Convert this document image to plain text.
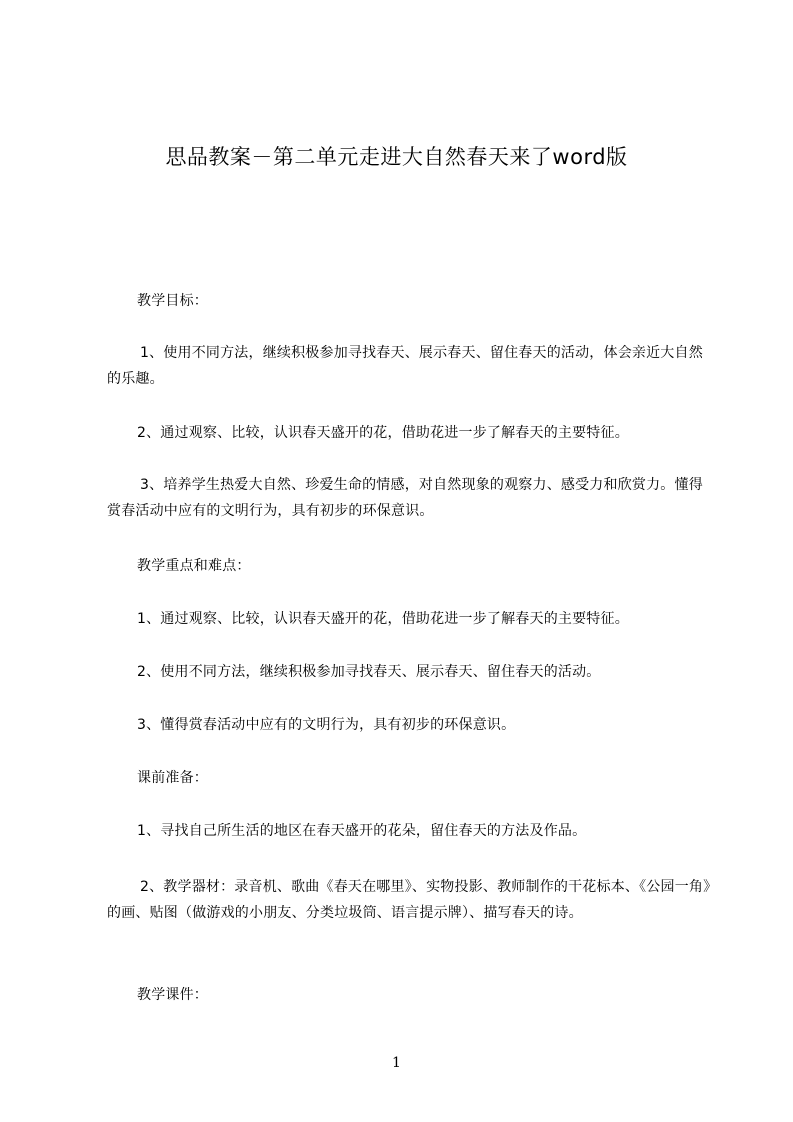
思品教案－第二单元走进大自然春天来了word版
教学目标：
1、使用不同方法，继续积极参加寻找春天、展示春天、留住春天的活动，体会亲近大自然的乐趣。
2、通过观察、比较，认识春天盛开的花，借助花进一步了解春天的主要特征。
3、培养学生热爱大自然、珍爱生命的情感，对自然现象的观察力、感受力和欣赏力。懂得赏春活动中应有的文明行为，具有初步的环保意识。
教学重点和难点：
1、通过观察、比较，认识春天盛开的花，借助花进一步了解春天的主要特征。
2、使用不同方法，继续积极参加寻找春天、展示春天、留住春天的活动。
3、懂得赏春活动中应有的文明行为，具有初步的环保意识。
课前准备：
1、寻找自己所生活的地区在春天盛开的花朵，留住春天的方法及作品。
2、教学器材：录音机、歌曲《春天在哪里》、实物投影、教师制作的干花标本、《公园一角》的画、贴图（做游戏的小朋友、分类垃圾筒、语言提示牌）、描写春天的诗。
教学课件：
1
